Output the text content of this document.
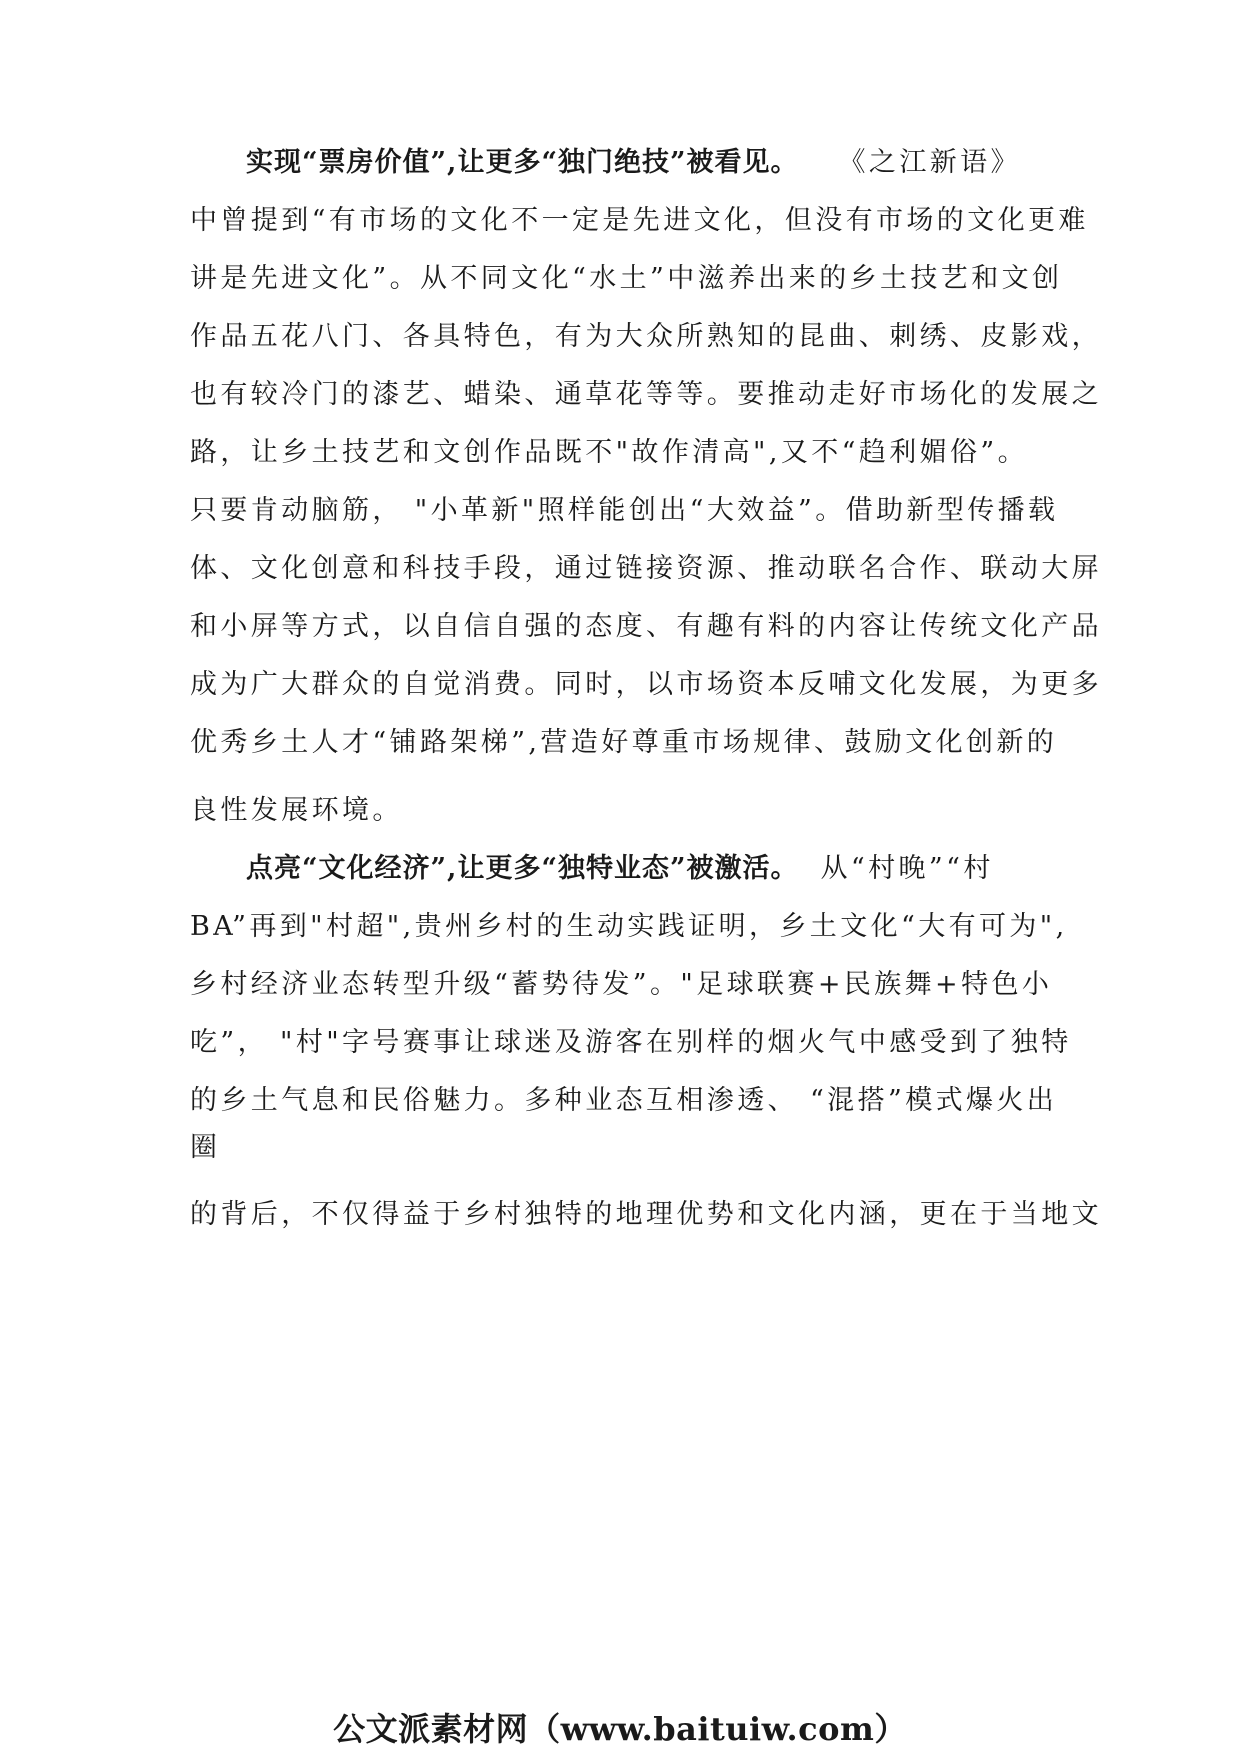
实现“票房价值”,让更多“独门绝技”被看见。 《之江新语》
中曾提到“有市场的文化不一定是先进文化，但没有市场的文化更难
讲是先进文化”。从不同文化“水土”中滋养出来的乡土技艺和文创
作品五花八门、各具特色，有为大众所熟知的昆曲、刺绣、皮影戏，
也有较冷门的漆艺、蜡染、通草花等等。要推动走好市场化的发展之
路，让乡土技艺和文创作品既不"故作清高",又不“趋利媚俗”。
只要肯动脑筋， "小革新"照样能创出“大效益”。借助新型传播载
体、文化创意和科技手段，通过链接资源、推动联名合作、联动大屏
和小屏等方式，以自信自强的态度、有趣有料的内容让传统文化产品
成为广大群众的自觉消费。同时，以市场资本反哺文化发展，为更多
优秀乡土人才“铺路架梯”,营造好尊重市场规律、鼓励文化创新的
良性发展环境。
点亮“文化经济”,让更多“独特业态”被激活。 从“村晚”“村
BA”再到"村超",贵州乡村的生动实践证明，乡土文化“大有可为",
乡村经济业态转型升级“蓄势待发”。"足球联赛+民族舞+特色小
吃”， "村"字号赛事让球迷及游客在别样的烟火气中感受到了独特
的乡土气息和民俗魅力。多种业态互相渗透、 “混搭”模式爆火出
圈
的背后，不仅得益于乡村独特的地理优势和文化内涵，更在于当地文
公文派素材网（www.baituiw.com）
